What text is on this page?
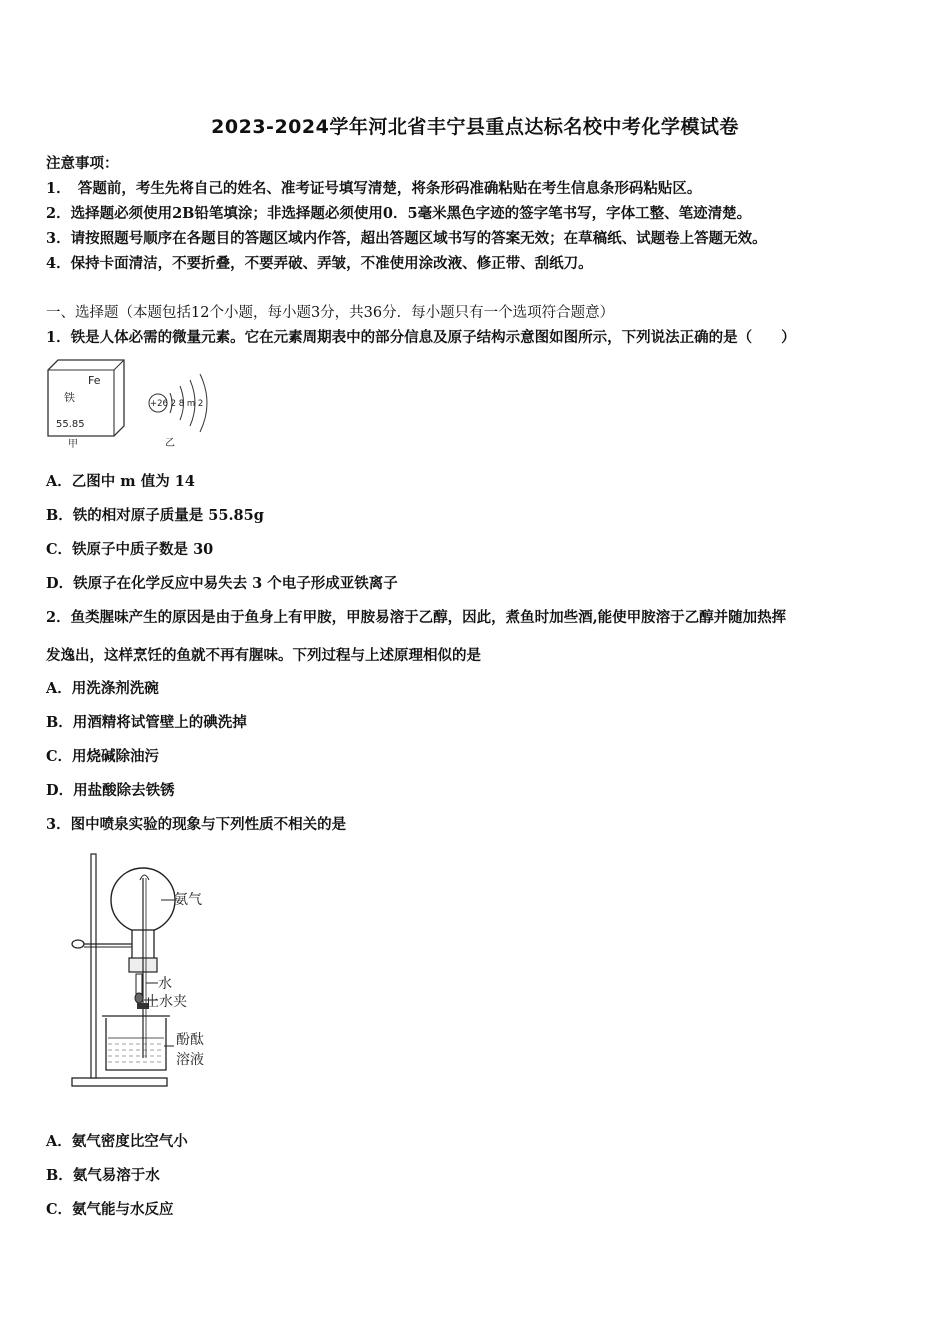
2023-2024学年河北省丰宁县重点达标名校中考化学模试卷
注意事项：
1．　答题前，考生先将自己的姓名、准考证号填写清楚，将条形码准确粘贴在考生信息条形码粘贴区。
2．选择题必须使用2B铅笔填涂；非选择题必须使用0．5毫米黑色字迹的签字笔书写，字体工整、笔迹清楚。
3．请按照题号顺序在各题目的答题区域内作答，超出答题区域书写的答案无效；在草稿纸、试题卷上答题无效。
4．保持卡面清洁，不要折叠，不要弄破、弄皱，不准使用涂改液、修正带、刮纸刀。
一、选择题（本题包括12个小题，每小题3分，共36分．每小题只有一个选项符合题意）
1．铁是人体必需的微量元素。它在元素周期表中的部分信息及原子结构示意图如图所示，下列说法正确的是（　　）
Fe
铁
55.85
甲
+26 2 8 m 2
乙
A．乙图中 m 值为 14
B．铁的相对原子质量是 55.85g
C．铁原子中质子数是 30
D．铁原子在化学反应中易失去 3 个电子形成亚铁离子
2．鱼类腥味产生的原因是由于鱼身上有甲胺，甲胺易溶于乙醇，因此，煮鱼时加些酒,能使甲胺溶于乙醇并随加热挥
发逸出，这样烹饪的鱼就不再有腥味。下列过程与上述原理相似的是
A．用洗涤剂洗碗
B．用酒精将试管壁上的碘洗掉
C．用烧碱除油污
D．用盐酸除去铁锈
3．图中喷泉实验的现象与下列性质不相关的是
氨气
水
止水夹
酚酞
溶液
A．氨气密度比空气小
B．氨气易溶于水
C．氨气能与水反应
